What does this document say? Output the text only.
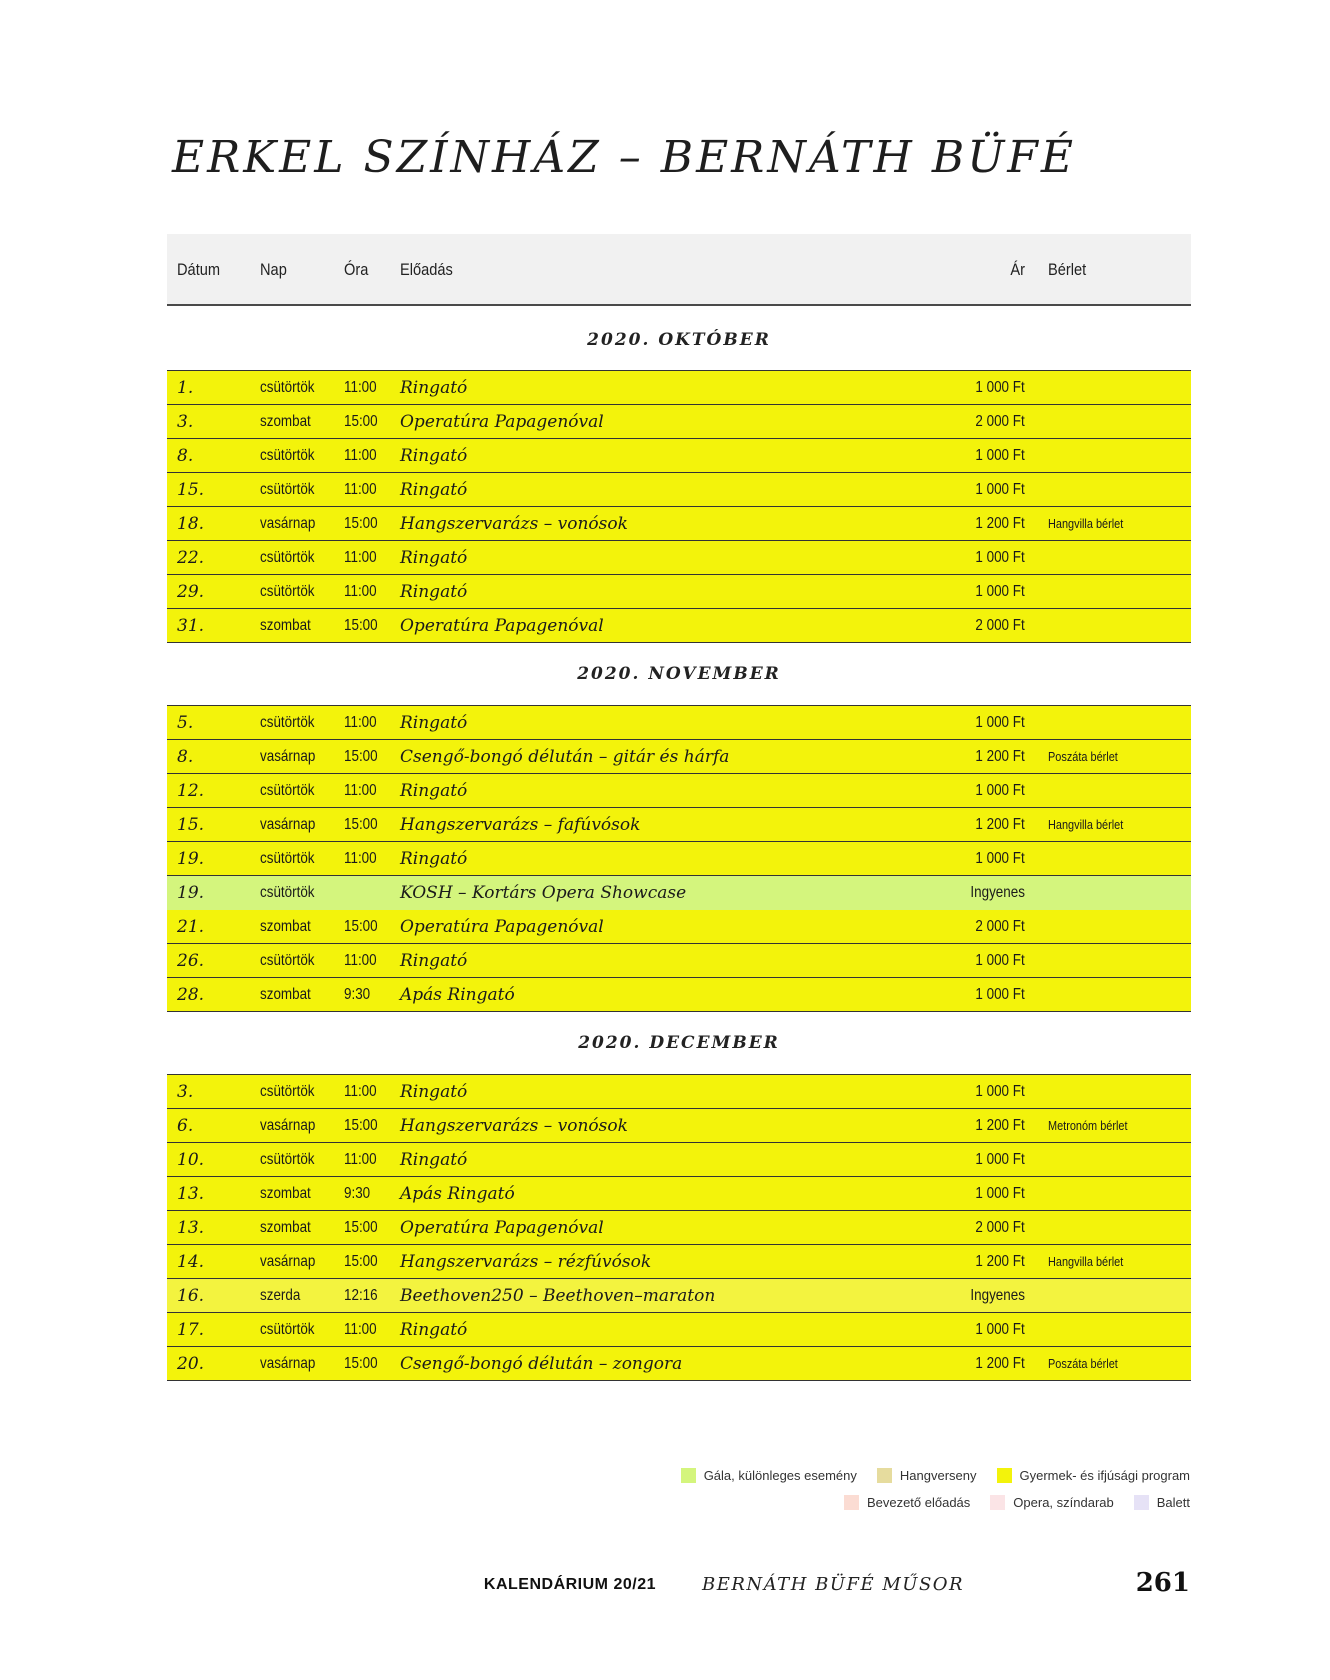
ERKEL SZÍNHÁZ – BERNÁTH BÜFÉ
Dátum Nap	Óra Előadás	Ár Bérlet
2020. OKTÓBER
1.	csütörtök 11:00 Ringató	1 000 Ft
3.	szombat 15:00 Operatúra Papagenóval	2 000 Ft
8.	csütörtök 11:00 Ringató	1 000 Ft
15.	csütörtök 11:00 Ringató	1 000 Ft
18.	vasárnap 15:00 Hangszervarázs – vonósok	1 200 Ft Hangvilla bérlet
22.	csütörtök 11:00 Ringató	1 000 Ft
29.	csütörtök 11:00 Ringató	1 000 Ft
31.	szombat 15:00 Operatúra Papagenóval	2 000 Ft
2020. NOVEMBER
5.	csütörtök 11:00 Ringató	1 000 Ft
8.	vasárnap 15:00 Csengő-bongó délután – gitár és hárfa	1 200 Ft Poszáta bérlet
12.	csütörtök 11:00 Ringató	1 000 Ft
15.	vasárnap 15:00 Hangszervarázs – fafúvósok	1 200 Ft Hangvilla bérlet
19.	csütörtök 11:00 Ringató	1 000 Ft
19.	csütörtök	KOSH – Kortárs Opera Showcase	Ingyenes
21.	szombat 15:00 Operatúra Papagenóval	2 000 Ft
26.	csütörtök 11:00 Ringató	1 000 Ft
28.	szombat 9:30 Apás Ringató	1 000 Ft
2020. DECEMBER
3.	csütörtök 11:00 Ringató	1 000 Ft
6.	vasárnap 15:00 Hangszervarázs – vonósok	1 200 Ft Metronóm bérlet
10.	csütörtök 11:00 Ringató	1 000 Ft
13.	szombat 9:30 Apás Ringató	1 000 Ft
13.	szombat 15:00 Operatúra Papagenóval	2 000 Ft
14.	vasárnap 15:00 Hangszervarázs – rézfúvósok	1 200 Ft Hangvilla bérlet
16.	szerda	12:16 Beethoven250 – Beethoven–maraton	Ingyenes
17.	csütörtök 11:00 Ringató	1 000 Ft
20.	vasárnap 15:00 Csengő-bongó délután – zongora	1 200 Ft Poszáta bérlet
Gála, különleges esemény	Hangverseny	Gyermek- és ifjúsági program
Bevezető előadás	Opera, színdarab	Balett
KALENDÁRIUM 20/21	BERNÁTH BÜFÉ MŰSOR	261
